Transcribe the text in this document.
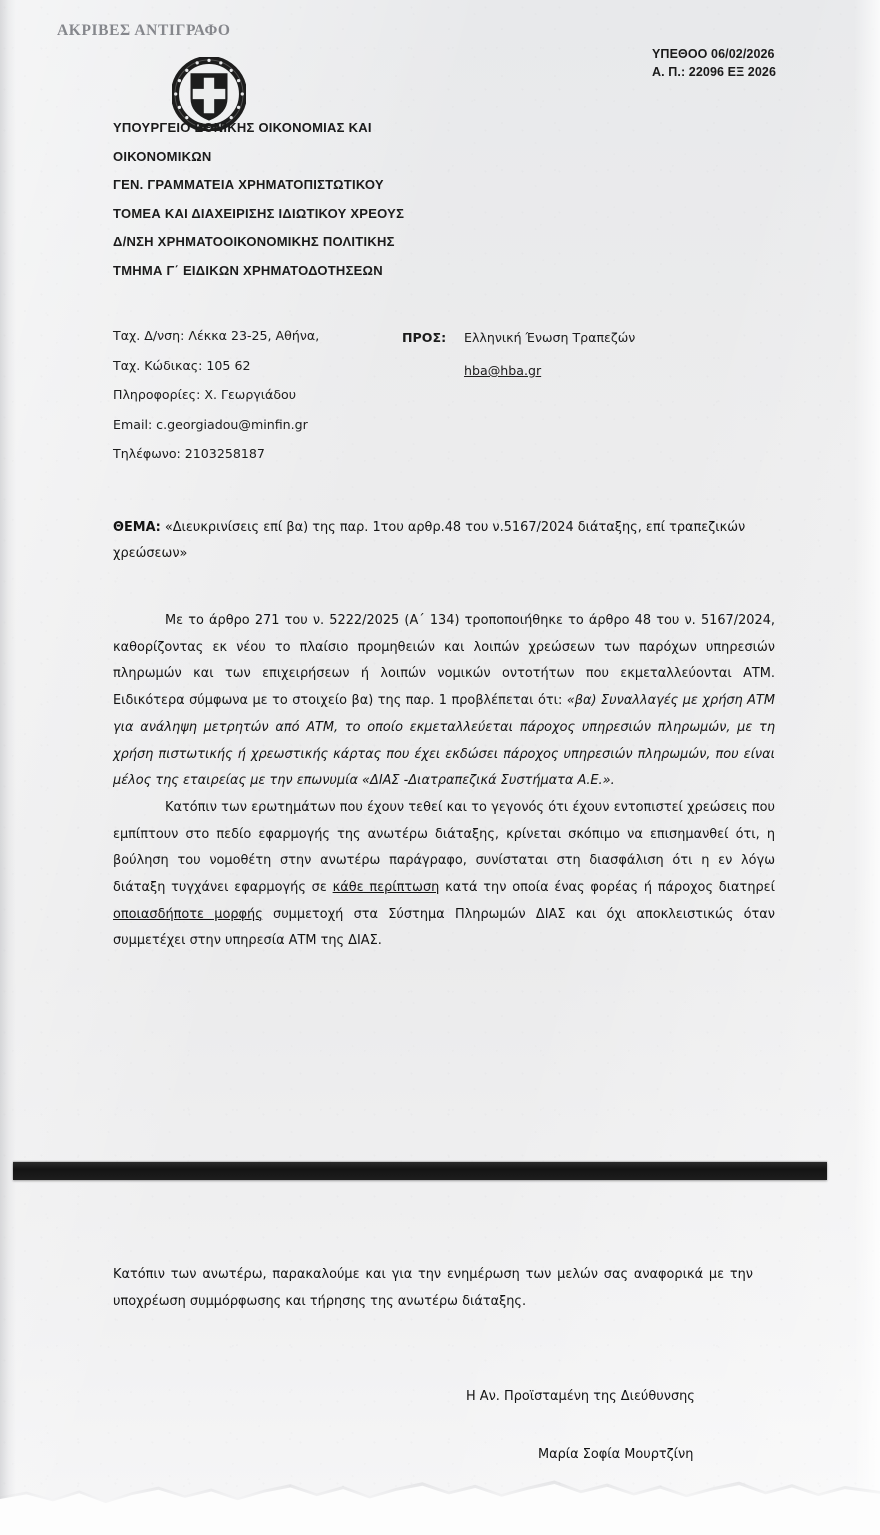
ΑΚΡΙΒΕΣ ΑΝΤΙΓΡΑΦΟ
ΥΠΕΘΟΟ 06/02/2026
Α. Π.: 22096 ΕΞ 2026
ΥΠΟΥΡΓΕΙΟ ΕΘΝΙΚΗΣ ΟΙΚΟΝΟΜΙΑΣ ΚΑΙ
ΟΙΚΟΝΟΜΙΚΩΝ
ΓΕΝ. ΓΡΑΜΜΑΤΕΙΑ ΧΡΗΜΑΤΟΠΙΣΤΩΤΙΚΟΥ
ΤΟΜΕΑ ΚΑΙ ΔΙΑΧΕΙΡΙΣΗΣ ΙΔΙΩΤΙΚΟΥ ΧΡΕΟΥΣ
Δ/ΝΣΗ ΧΡΗΜΑΤΟΟΙΚΟΝΟΜΙΚΗΣ ΠΟΛΙΤΙΚΗΣ
ΤΜΗΜΑ Γ΄ ΕΙΔΙΚΩΝ ΧΡΗΜΑΤΟΔΟΤΗΣΕΩΝ
Ταχ. Δ/νση: Λέκκα 23-25, Αθήνα,
Ταχ. Κώδικας: 105 62
Πληροφορίες: Χ. Γεωργιάδου
Email: c.georgiadou@minfin.gr
Τηλέφωνο: 2103258187
ΠΡΟΣ:	Ελληνική Ένωση Τραπεζών
hba@hba.gr
ΘΕΜΑ: «Διευκρινίσεις επί βα) της παρ. 1του αρθρ.48 του ν.5167/2024 διάταξης, επί τραπεζικών χρεώσεων»

Με το άρθρο 271 του ν. 5222/2025 (Α΄ 134) τροποποιήθηκε το άρθρο 48 του ν. 5167/2024, καθορίζοντας εκ νέου το πλαίσιο προμηθειών και λοιπών χρεώσεων των παρόχων υπηρεσιών πληρωμών και των επιχειρήσεων ή λοιπών νομικών οντοτήτων που εκμεταλλεύονται ΑΤΜ. Ειδικότερα σύμφωνα με το στοιχείο βα) της παρ. 1 προβλέπεται ότι: «βα) Συναλλαγές με χρήση ΑΤΜ για ανάληψη μετρητών από ΑΤΜ, το οποίο εκμεταλλεύεται πάροχος υπηρεσιών πληρωμών, με τη χρήση πιστωτικής ή χρεωστικής κάρτας που έχει εκδώσει πάροχος υπηρεσιών πληρωμών, που είναι μέλος της εταιρείας με την επωνυμία «ΔΙΑΣ -Διατραπεζικά Συστήματα Α.Ε.».

Κατόπιν των ερωτημάτων που έχουν τεθεί και το γεγονός ότι έχουν εντοπιστεί χρεώσεις που εμπίπτουν στο πεδίο εφαρμογής της ανωτέρω διάταξης, κρίνεται σκόπιμο να επισημανθεί ότι, η βούληση του νομοθέτη στην ανωτέρω παράγραφο, συνίσταται στη διασφάλιση ότι η εν λόγω διάταξη τυγχάνει εφαρμογής σε κάθε περίπτωση κατά την οποία ένας φορέας ή πάροχος διατηρεί οποιασδήποτε μορφής συμμετοχή στα Σύστημα Πληρωμών ΔΙΑΣ και όχι αποκλειστικώς όταν συμμετέχει στην υπηρεσία ΑΤΜ της ΔΙΑΣ.

Κατόπιν των ανωτέρω, παρακαλούμε και για την ενημέρωση των μελών σας αναφορικά με την υποχρέωση συμμόρφωσης και τήρησης της ανωτέρω διάταξης.

Η Αν. Προϊσταμένη της Διεύθυνσης
Μαρία Σοφία Μουρτζίνη
